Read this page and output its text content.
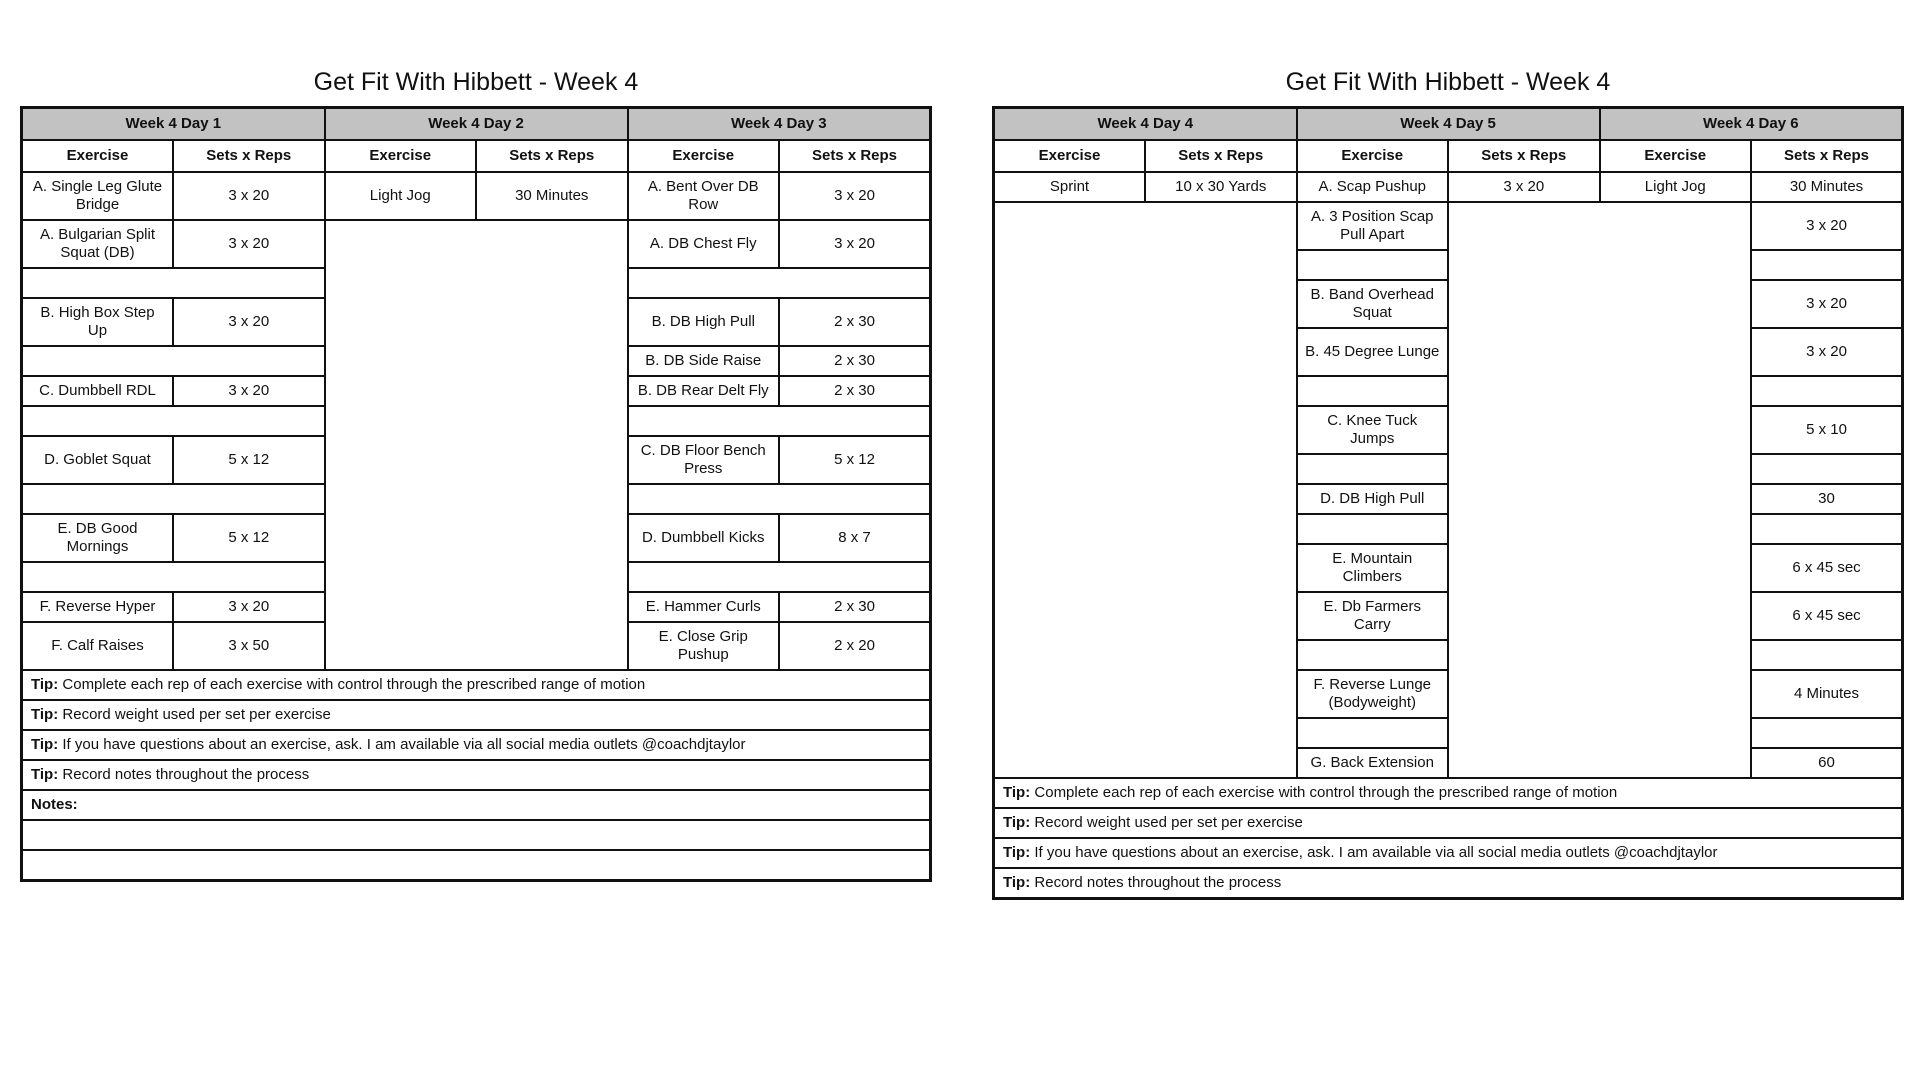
Get Fit With Hibbett - Week 4
Week 4 Day 1		Week 4 Day 2		Week 4 Day 3	
Exercise	Sets x Reps	Exercise	Sets x Reps	Exercise	Sets x Reps
A. Single Leg Glute Bridge	3 x 20	Light Jog	30 Minutes	A. Bent Over DB Row	3 x 20
A. Bulgarian Split Squat (DB)	3 x 20			A. DB Chest Fly	3 x 20

B. High Box Step Up	3 x 20			B. DB High Pull	2 x 30
				B. DB Side Raise	2 x 30
C. Dumbbell RDL	3 x 20			B. DB Rear Delt Fly	2 x 30

D. Goblet Squat	5 x 12			C. DB Floor Bench Press	5 x 12

E. DB Good Mornings	5 x 12			D. Dumbbell Kicks	8 x 7

F. Reverse Hyper	3 x 20			E. Hammer Curls	2 x 30
F. Calf Raises	3 x 50			E. Close Grip Pushup	2 x 20
Tip: Complete each rep of each exercise with control through the prescribed range of motion					
Tip: Record weight used per set per exercise					
Tip: If you have questions about an exercise, ask. I am available via all social media outlets @coachdjtaylor					
Tip: Record notes throughout the process					
Notes:					

Get Fit With Hibbett - Week 4
Week 4 Day 4		Week 4 Day 5		Week 4 Day 6	
Exercise	Sets x Reps	Exercise	Sets x Reps	Exercise	Sets x Reps
Sprint	10 x 30 Yards	A. Scap Pushup	3 x 20	Light Jog	30 Minutes
		A. 3 Position Scap Pull Apart			3 x 20

		B. Band Overhead Squat			3 x 20
		B. 45 Degree Lunge			3 x 20

		C. Knee Tuck Jumps			5 x 10

		D. DB High Pull			30

		E. Mountain Climbers			6 x 45 sec
		E. Db Farmers Carry			6 x 45 sec

		F. Reverse Lunge (Bodyweight)			4 Minutes

		G. Back Extension			60
Tip: Complete each rep of each exercise with control through the prescribed range of motion					
Tip: Record weight used per set per exercise					
Tip: If you have questions about an exercise, ask. I am available via all social media outlets @coachdjtaylor					
Tip: Record notes throughout the process					
